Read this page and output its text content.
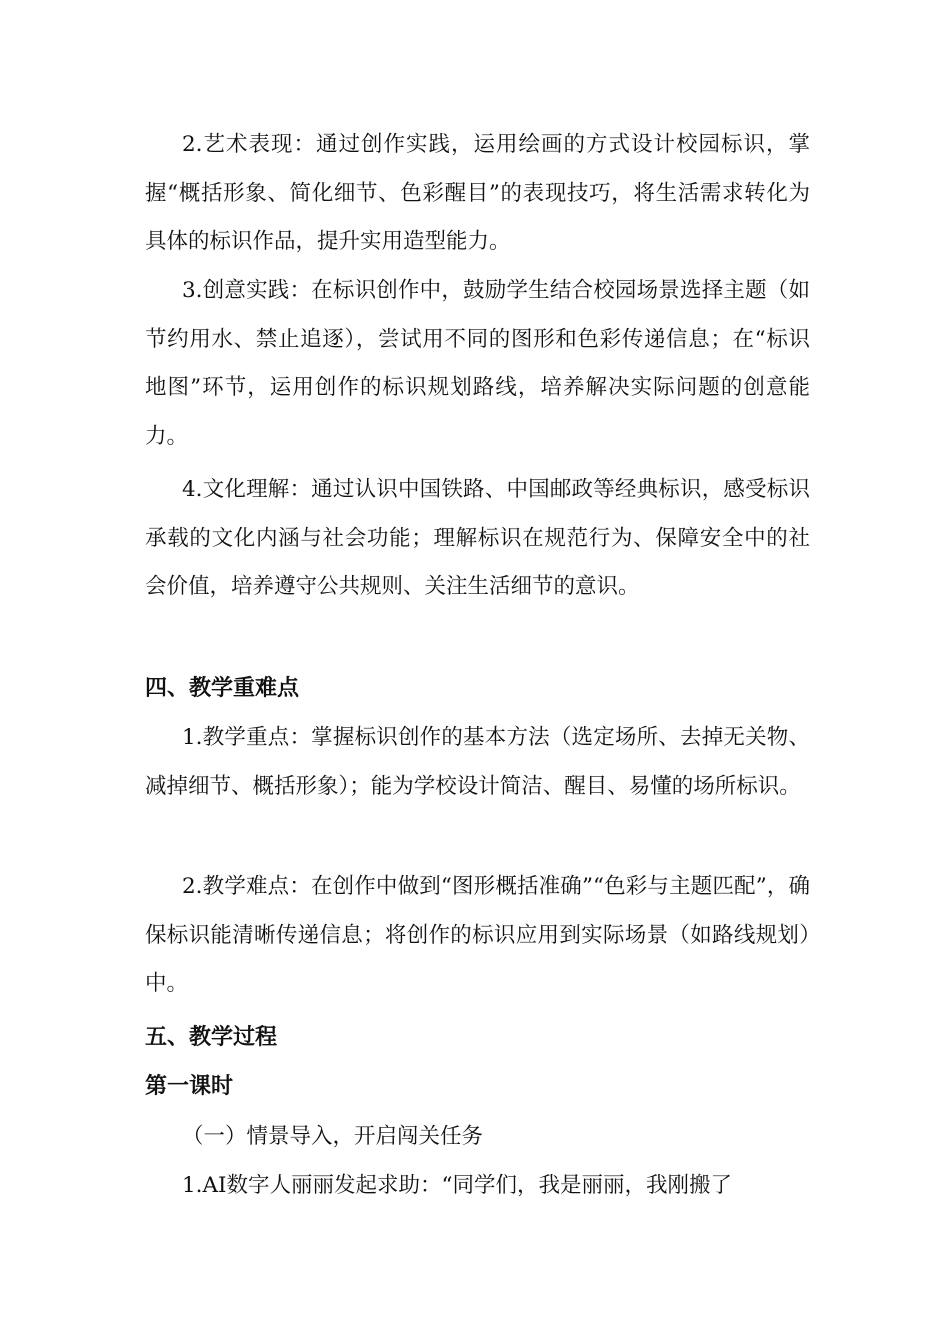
2.艺术表现：通过创作实践，运用绘画的方式设计校园标识，掌握“概括形象、简化细节、色彩醒目”的表现技巧，将生活需求转化为具体的标识作品，提升实用造型能力。

3.创意实践：在标识创作中，鼓励学生结合校园场景选择主题（如节约用水、禁止追逐），尝试用不同的图形和色彩传递信息；在“标识地图”环节，运用创作的标识规划路线，培养解决实际问题的创意能力。

4.文化理解：通过认识中国铁路、中国邮政等经典标识，感受标识承载的文化内涵与社会功能；理解标识在规范行为、保障安全中的社会价值，培养遵守公共规则、关注生活细节的意识。

四、教学重难点

1.教学重点：掌握标识创作的基本方法（选定场所、去掉无关物、减掉细节、概括形象）；能为学校设计简洁、醒目、易懂的场所标识。

2.教学难点：在创作中做到“图形概括准确”“色彩与主题匹配”，确保标识能清晰传递信息；将创作的标识应用到实际场景（如路线规划）中。

五、教学过程
第一课时

（一）情景导入，开启闯关任务

1.AI数字人丽丽发起求助：“同学们，我是丽丽，我刚搬了
